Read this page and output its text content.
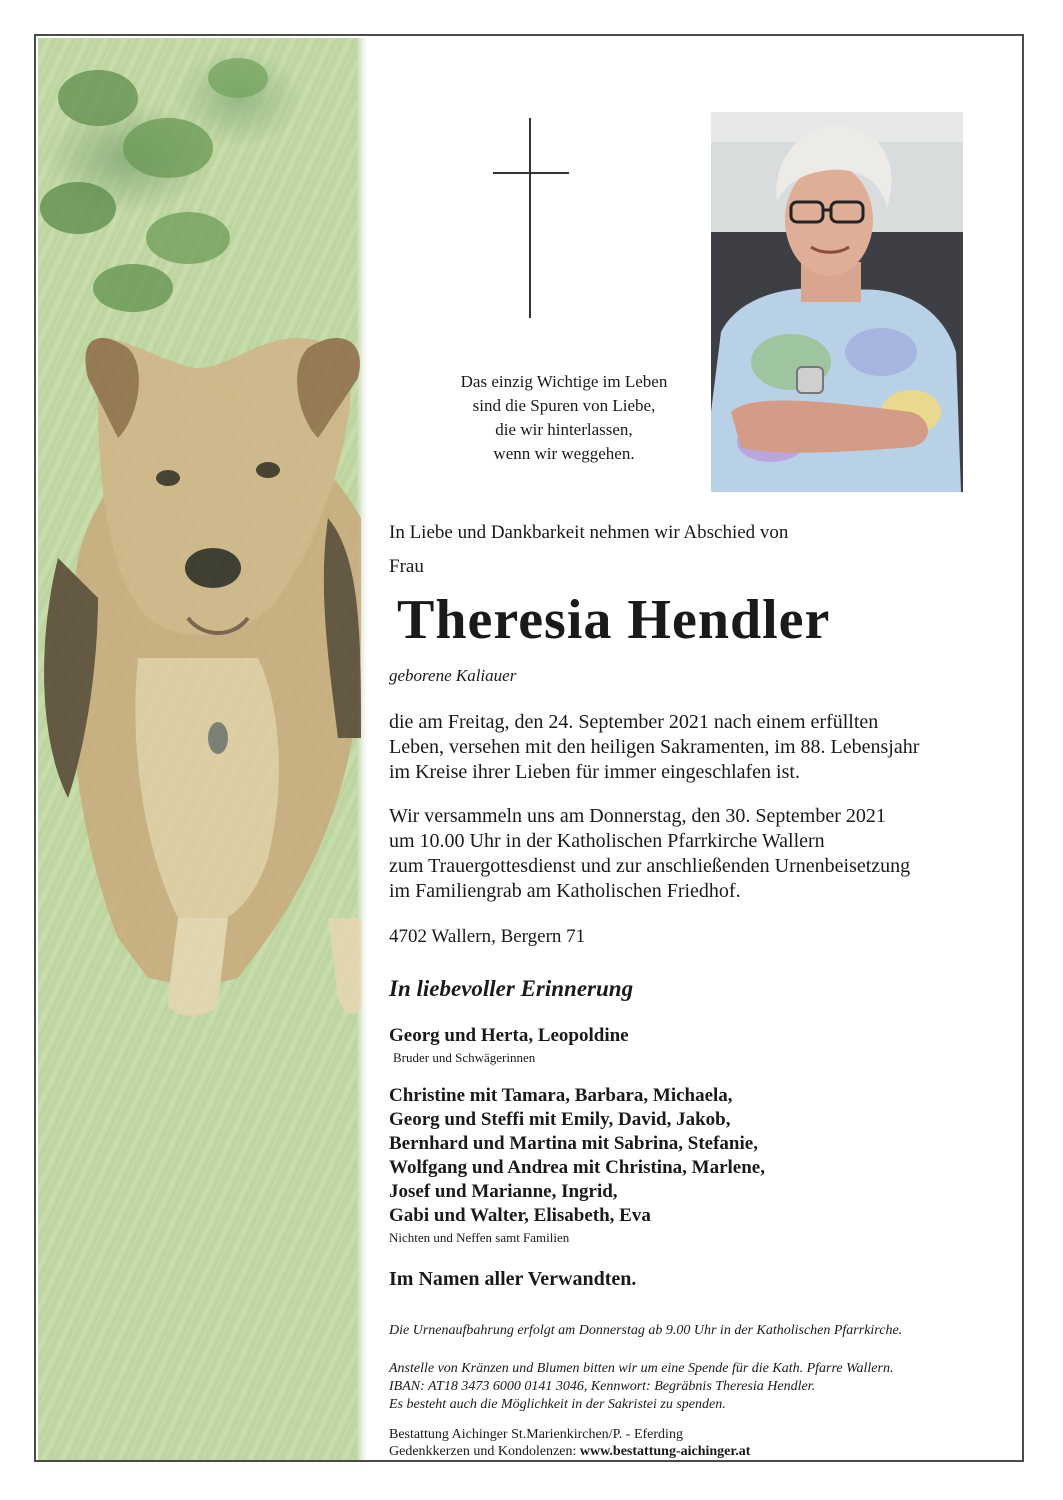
Das einzig Wichtige im Leben
sind die Spuren von Liebe,
die wir hinterlassen,
wenn wir weggehen.
In Liebe und Dankbarkeit nehmen wir Abschied von
Frau
Theresia Hendler
geborene Kaliauer
die am Freitag, den 24. September 2021 nach einem erfüllten
Leben, versehen mit den heiligen Sakramenten, im 88. Lebensjahr
im Kreise ihrer Lieben für immer eingeschlafen ist.
Wir versammeln uns am Donnerstag, den 30. September 2021
um 10.00 Uhr in der Katholischen Pfarrkirche Wallern
zum Trauergottesdienst und zur anschließenden Urnenbeisetzung
im Familiengrab am Katholischen Friedhof.
4702 Wallern, Bergern 71
In liebevoller Erinnerung
Georg und Herta, Leopoldine
Bruder und Schwägerinnen
Christine mit Tamara, Barbara, Michaela,
Georg und Steffi mit Emily, David, Jakob,
Bernhard und Martina mit Sabrina, Stefanie,
Wolfgang und Andrea mit Christina, Marlene,
Josef und Marianne, Ingrid,
Gabi und Walter, Elisabeth, Eva
Nichten und Neffen samt Familien
Im Namen aller Verwandten.
Die Urnenaufbahrung erfolgt am Donnerstag ab 9.00 Uhr in der Katholischen Pfarrkirche.
Anstelle von Kränzen und Blumen bitten wir um eine Spende für die Kath. Pfarre Wallern.
IBAN: AT18 3473 6000 0141 3046, Kennwort: Begräbnis Theresia Hendler.
Es besteht auch die Möglichkeit in der Sakristei zu spenden.
Bestattung Aichinger St.Marienkirchen/P. - Eferding
Gedenkkerzen und Kondolenzen: www.bestattung-aichinger.at
